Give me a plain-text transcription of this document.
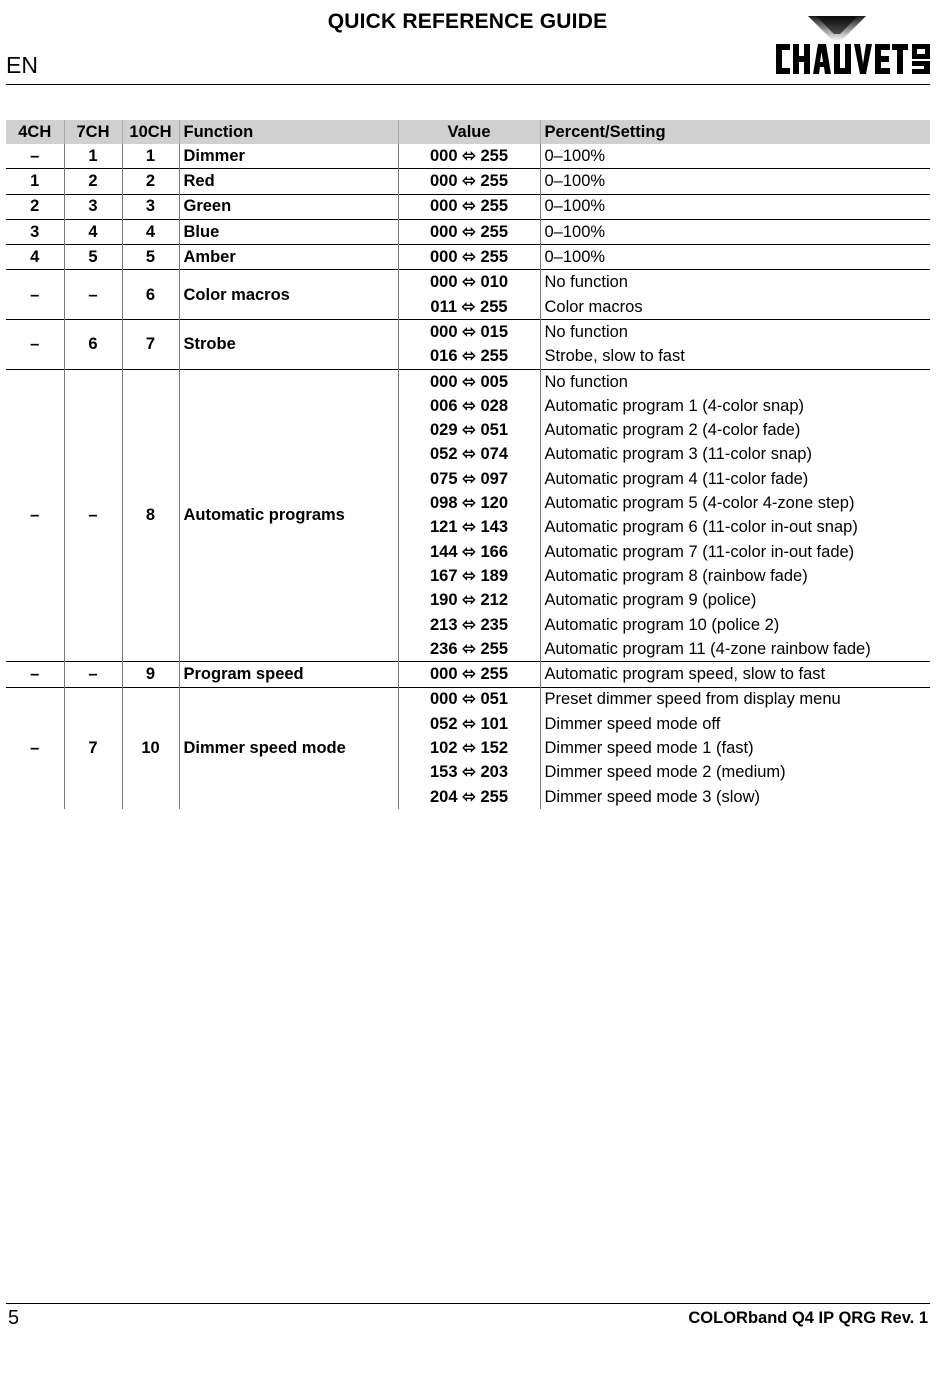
QUICK REFERENCE GUIDE
EN
4CH	7CH	10CH	Function	Value	Percent/Setting
–	1	1	Dimmer	000 ⬄ 255	0–100%
1	2	2	Red	000 ⬄ 255	0–100%
2	3	3	Green	000 ⬄ 255	0–100%
3	4	4	Blue	000 ⬄ 255	0–100%
4	5	5	Amber	000 ⬄ 255	0–100%
–	–	6	Color macros	000 ⬄ 010	No function
				011 ⬄ 255	Color macros
–	6	7	Strobe	000 ⬄ 015	No function
				016 ⬄ 255	Strobe, slow to fast
–	–	8	Automatic programs	000 ⬄ 005	No function
				006 ⬄ 028	Automatic program 1 (4-color snap)
				029 ⬄ 051	Automatic program 2 (4-color fade)
				052 ⬄ 074	Automatic program 3 (11-color snap)
				075 ⬄ 097	Automatic program 4 (11-color fade)
				098 ⬄ 120	Automatic program 5 (4-color 4-zone step)
				121 ⬄ 143	Automatic program 6 (11-color in-out snap)
				144 ⬄ 166	Automatic program 7 (11-color in-out fade)
				167 ⬄ 189	Automatic program 8 (rainbow fade)
				190 ⬄ 212	Automatic program 9 (police)
				213 ⬄ 235	Automatic program 10 (police 2)
				236 ⬄ 255	Automatic program 11 (4-zone rainbow fade)
–	–	9	Program speed	000 ⬄ 255	Automatic program speed, slow to fast
–	7	10	Dimmer speed mode	000 ⬄ 051	Preset dimmer speed from display menu
				052 ⬄ 101	Dimmer speed mode off
				102 ⬄ 152	Dimmer speed mode 1 (fast)
				153 ⬄ 203	Dimmer speed mode 2 (medium)
				204 ⬄ 255	Dimmer speed mode 3 (slow)
5	COLORband Q4 IP QRG Rev. 1
